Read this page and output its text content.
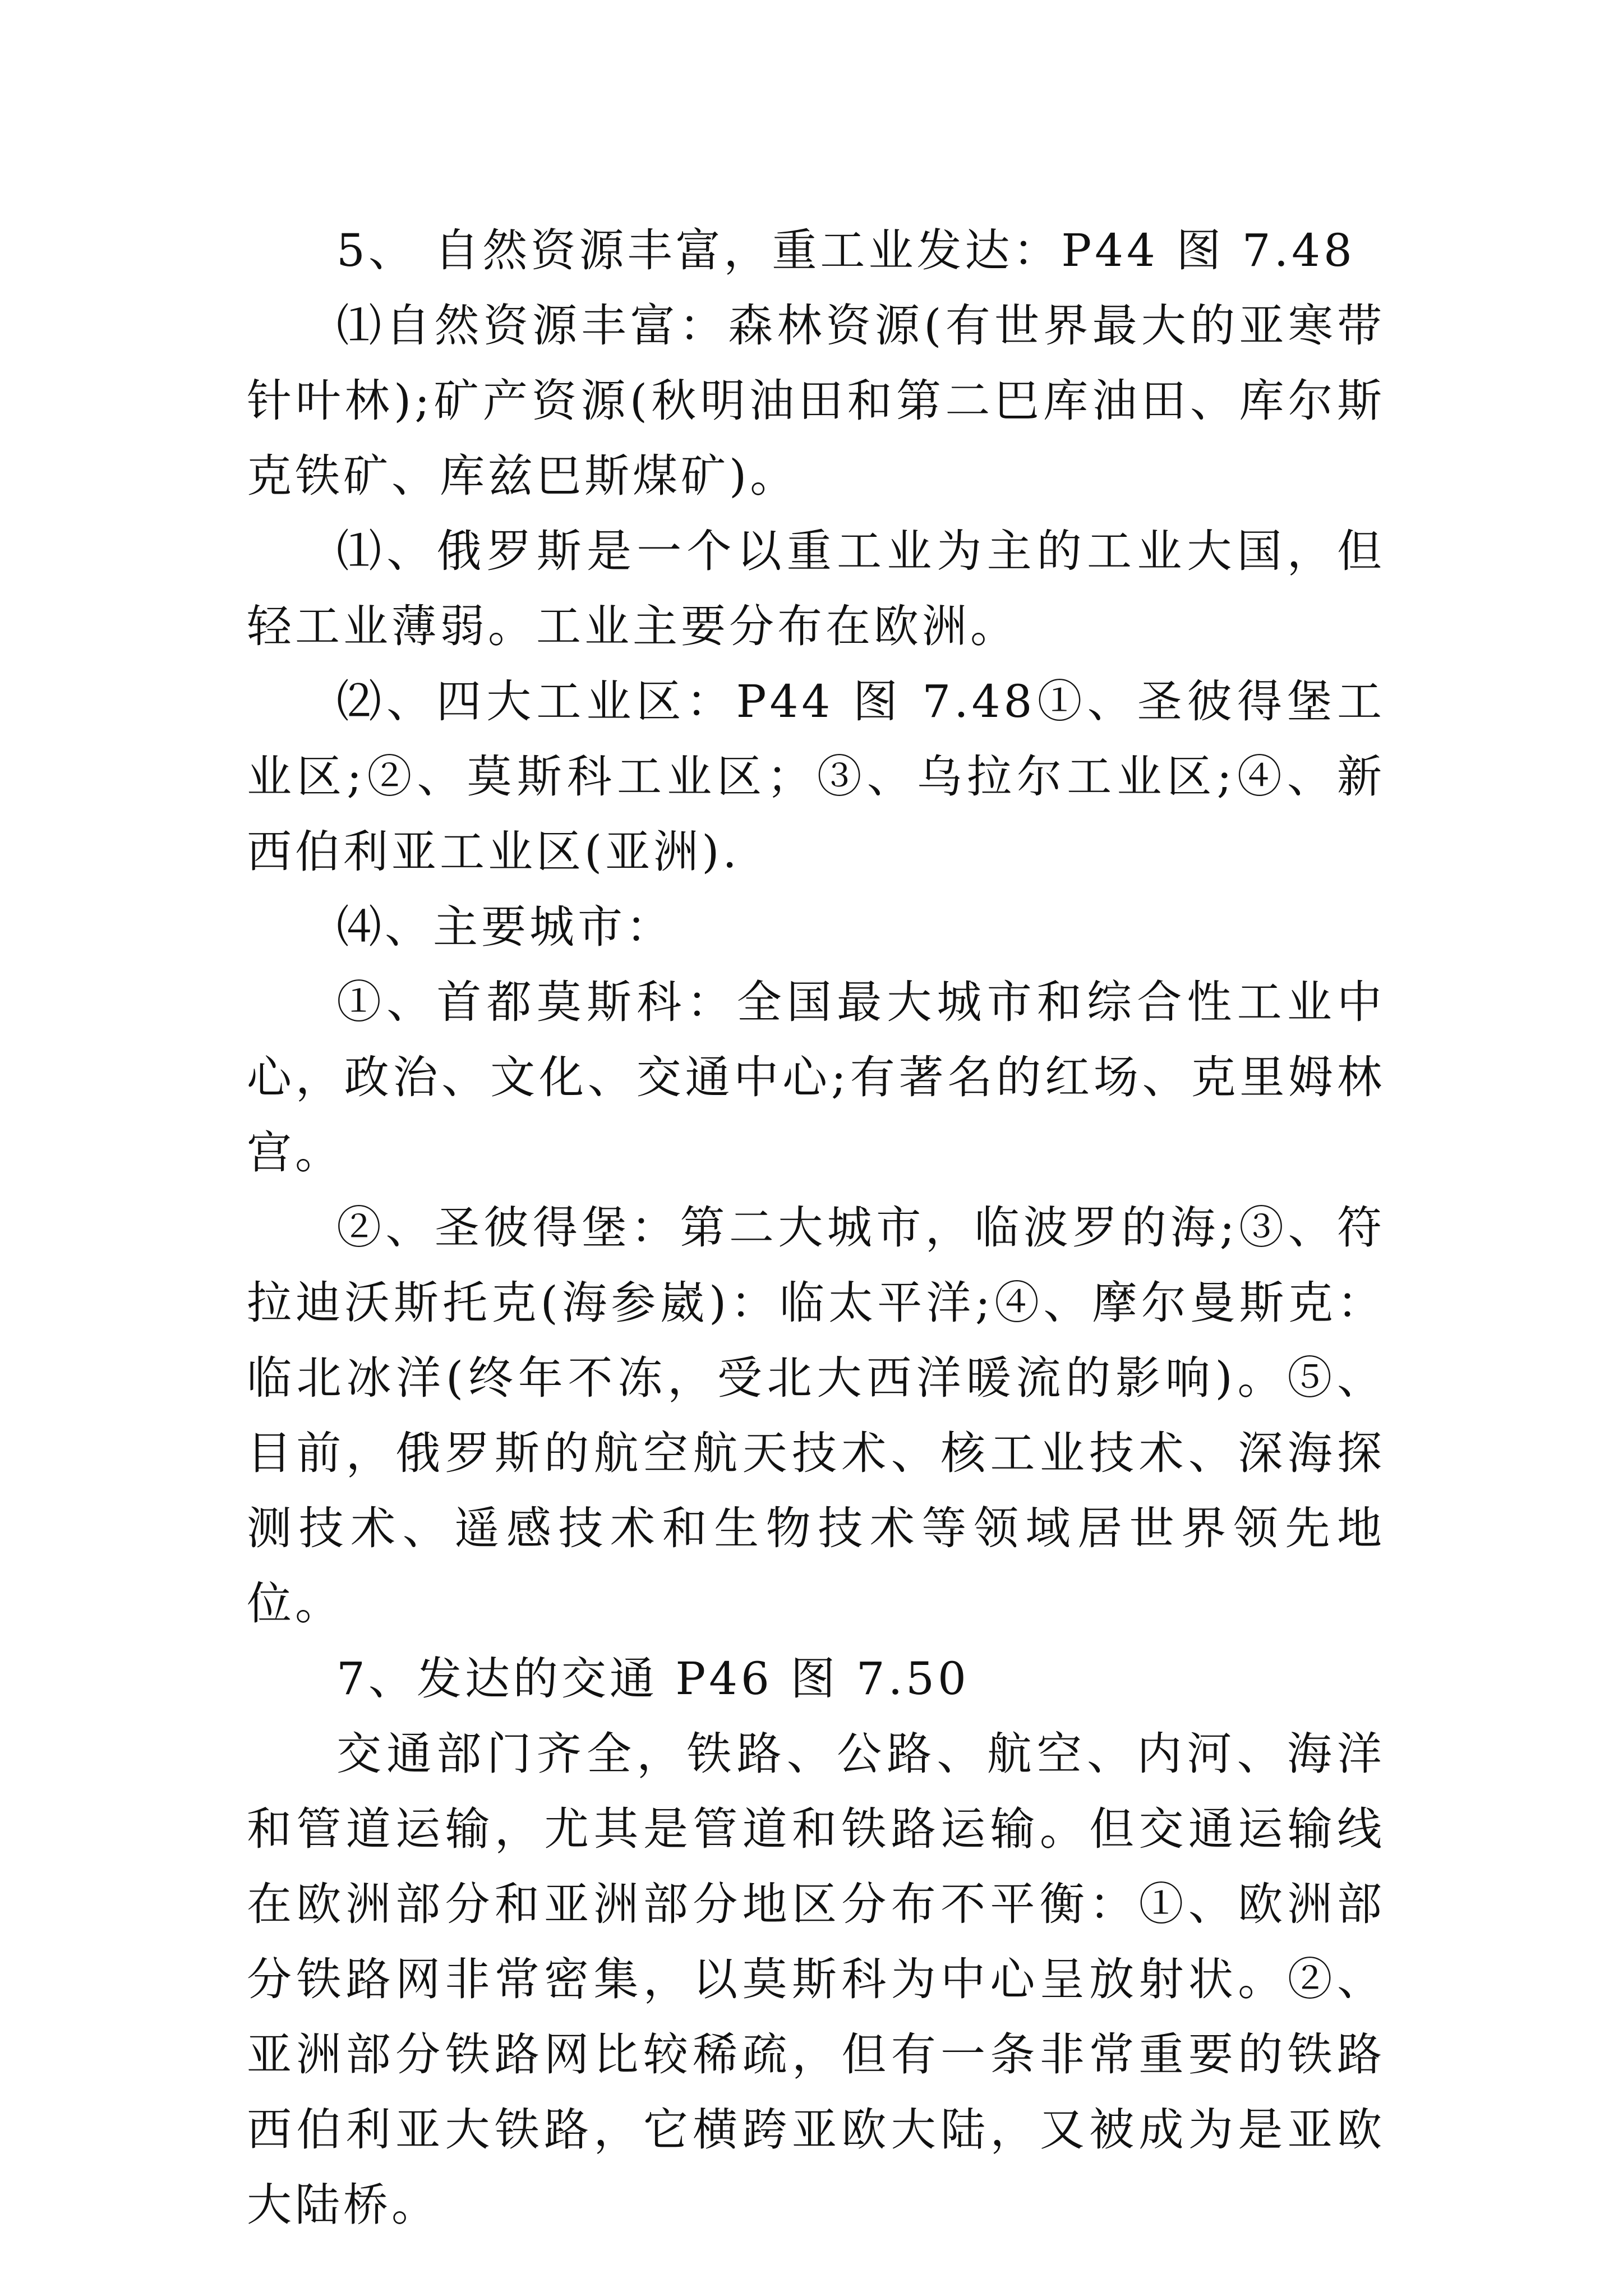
5、 自然资源丰富，重工业发达：P44 图 7.48

⑴自然资源丰富：森林资源(有世界最大的亚寒带针叶林);矿产资源(秋明油田和第二巴库油田、库尔斯克铁矿、库兹巴斯煤矿)。

⑴、俄罗斯是一个以重工业为主的工业大国，但轻工业薄弱。工业主要分布在欧洲。

⑵、四大工业区：P44 图 7.48①、圣彼得堡工业区;②、莫斯科工业区；③、乌拉尔工业区;④、新西伯利亚工业区(亚洲).

⑷、主要城市：

①、首都莫斯科：全国最大城市和综合性工业中心，政治、文化、交通中心;有著名的红场、克里姆林宫。

②、圣彼得堡：第二大城市，临波罗的海;③、符拉迪沃斯托克(海参崴)：临太平洋;④、摩尔曼斯克：临北冰洋(终年不冻，受北大西洋暖流的影响)。⑤、目前，俄罗斯的航空航天技术、核工业技术、深海探测技术、遥感技术和生物技术等领域居世界领先地位。

7、发达的交通 P46 图 7.50

交通部门齐全，铁路、公路、航空、内河、海洋和管道运输，尤其是管道和铁路运输。但交通运输线在欧洲部分和亚洲部分地区分布不平衡：①、欧洲部分铁路网非常密集，以莫斯科为中心呈放射状。②、亚洲部分铁路网比较稀疏，但有一条非常重要的铁路西伯利亚大铁路，它横跨亚欧大陆，又被成为是亚欧大陆桥。
